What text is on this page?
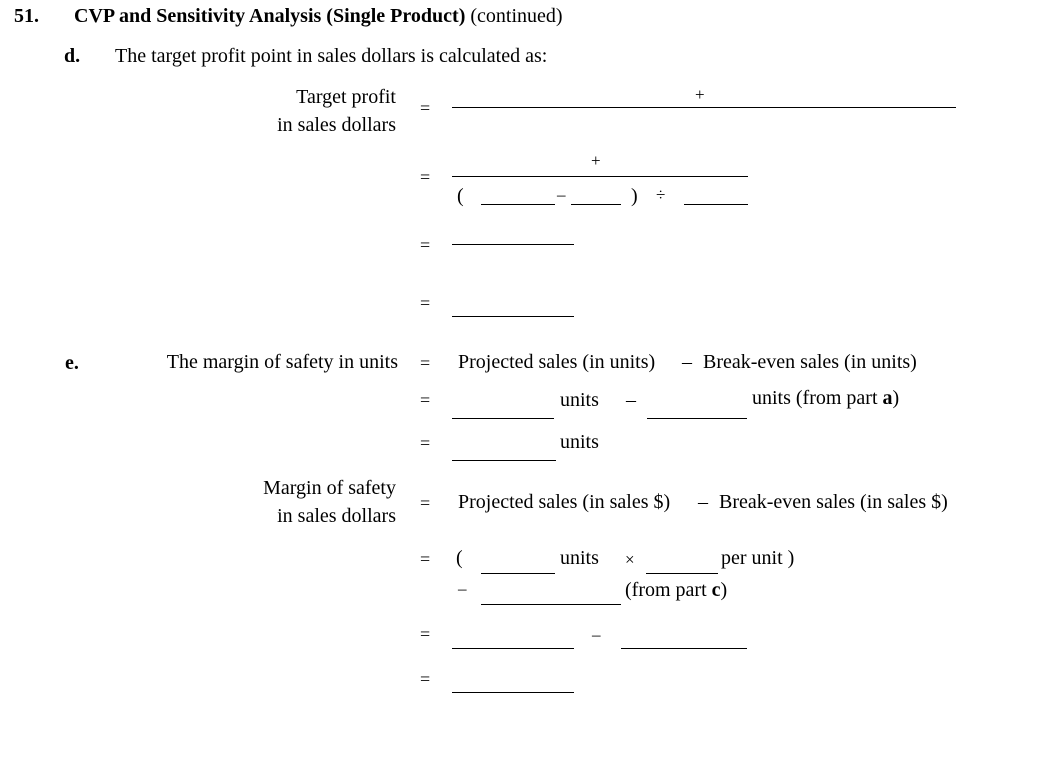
51. CVP and Sensitivity Analysis (Single Product) (continued)
d. The target profit point in sales dollars is calculated as:
Target profit
in sales dollars
=
+
=
+
(	–	) ÷
=
=
e.	The margin of safety in units = Projected sales (in units) – Break-even sales (in units)
=	units –	units (from part a)
=	units
Margin of safety
in sales dollars
= Projected sales (in sales $) – Break-even sales (in sales $)
= (	units ×	per unit )
–	(from part c)
=	–
=
